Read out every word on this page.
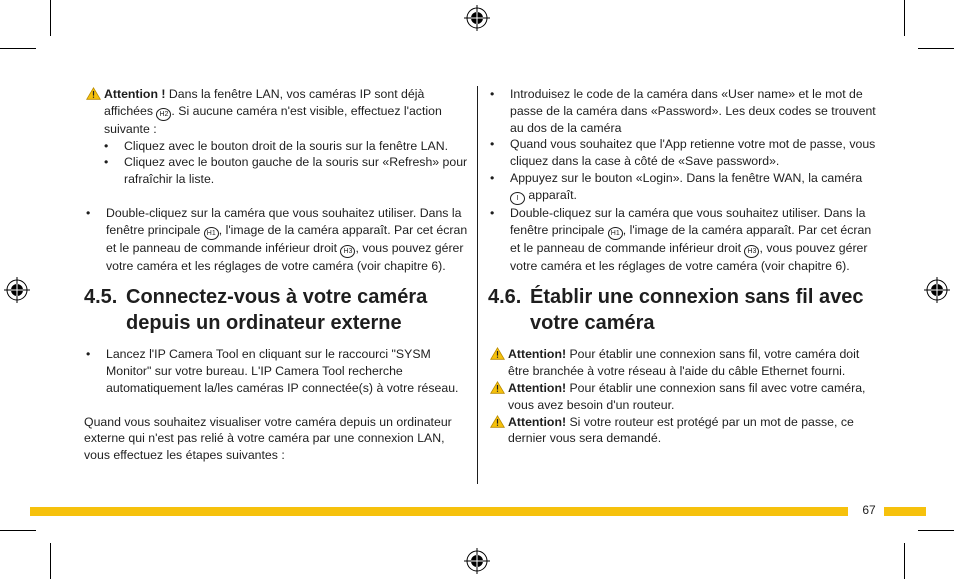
Attention ! Dans la fenêtre LAN, vos caméras IP sont déjà affichées H2 . Si aucune caméra n'est visible, effectuez l'action suivante :

• Cliquez avec le bouton droit de la souris sur la fenêtre LAN.
• Cliquez avec le bouton gauche de la souris sur «Refresh» pour rafraîchir la liste.
• Double-cliquez sur la caméra que vous souhaitez utiliser. Dans la fenêtre principale H1 , l'image de la caméra apparaît. Par cet écran et le panneau de commande inférieur droit H3 , vous pouvez gérer votre caméra et les réglages de votre caméra (voir chapitre 6).
4.5. Connectez-vous à votre caméra depuis un ordinateur externe
• Lancez l'IP Camera Tool en cliquant sur le raccourci "SYSM Monitor" sur votre bureau. L'IP Camera Tool recherche automatiquement la/les caméras IP connectée(s) à votre réseau.

Quand vous souhaitez visualiser votre caméra depuis un ordinateur externe qui n'est pas relié à votre caméra par une connexion LAN, vous effectuez les étapes suivantes :

• Introduisez le code de la caméra dans «User name» et le mot de passe de la caméra dans «Password». Les deux codes se trouvent au dos de la caméra
• Quand vous souhaitez que l'App retienne votre mot de passe, vous cliquez dans la case à côté de «Save password».
• Appuyez sur le bouton «Login». Dans la fenêtre WAN, la caméra I apparaît.
• Double-cliquez sur la caméra que vous souhaitez utiliser. Dans la fenêtre principale H1 , l'image de la caméra apparaît. Par cet écran et le panneau de commande inférieur droit H3 , vous pouvez gérer votre caméra et les réglages de votre caméra (voir chapitre 6).
4.6. Établir une connexion sans fil avec votre caméra

Attention! Pour établir une connexion sans fil, votre caméra doit être branchée à votre réseau à l'aide du câble Ethernet fourni.

Attention! Pour établir une connexion sans fil avec votre caméra, vous avez besoin d'un routeur.

Attention! Si votre routeur est protégé par un mot de passe, ce dernier vous sera demandé.

67
